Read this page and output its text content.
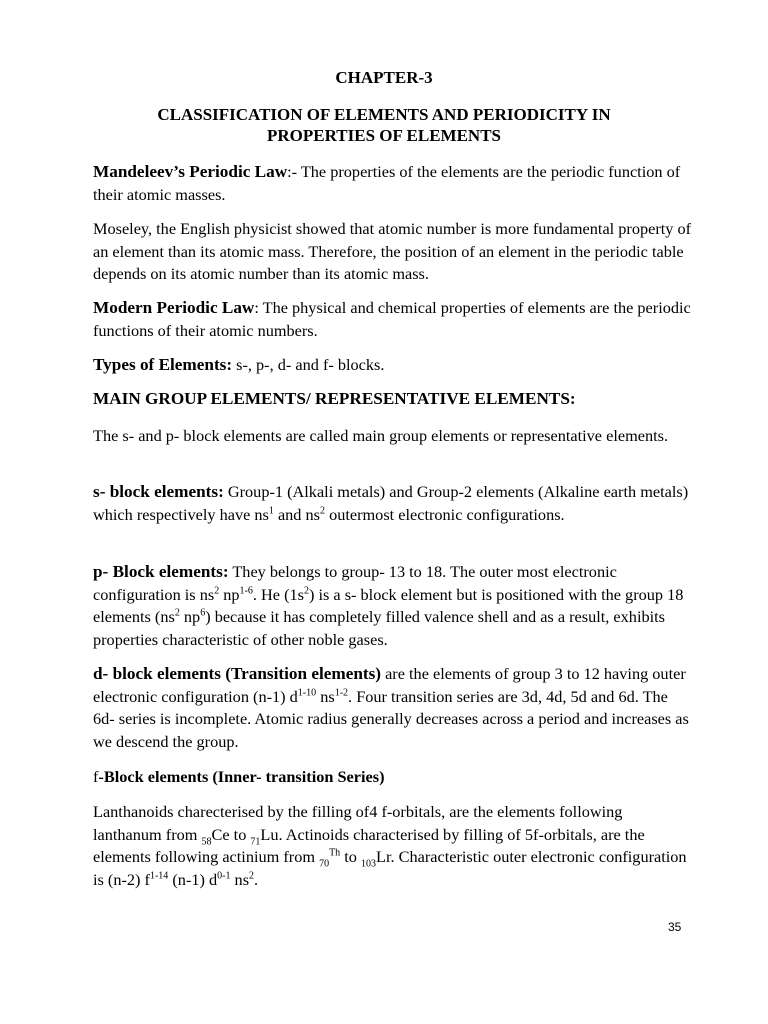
CHAPTER-3
CLASSIFICATION OF ELEMENTS AND PERIODICITY IN
PROPERTIES OF ELEMENTS

Mandeleev’s Periodic Law:- The properties of the elements are the periodic function of their atomic masses.

Moseley, the English physicist showed that atomic number is more fundamental property of an element than its atomic mass. Therefore, the position of an element in the periodic table depends on its atomic number than its atomic mass.

Modern Periodic Law: The physical and chemical properties of elements are the periodic functions of their atomic numbers.

Types of Elements: s-, p-, d- and f- blocks.

MAIN GROUP ELEMENTS/ REPRESENTATIVE ELEMENTS:

The s- and p- block elements are called main group elements or representative elements.

s- block elements: Group-1 (Alkali metals) and Group-2 elements (Alkaline earth metals) which respectively have $ns^1$ and $ns^2$ outermost electronic configurations.

p- Block elements: They belongs to group- 13 to 18. The outer most electronic configuration is $ns^2$ $np^{1-6}$. He $(1s^2)$ is a s- block element but is positioned with the group 18 elements ($ns^2$ $np^6$) because it has completely filled valence shell and as a result, exhibits properties characteristic of other noble gases.

d- block elements (Transition elements) are the elements of group 3 to 12 having outer electronic configuration (n-1) $d^{1-10}$ $ns^{1-2}$. Four transition series are 3d, 4d, 5d and 6d. The 6d- series is incomplete. Atomic radius generally decreases across a period and increases as we descend the group.

f-Block elements (Inner- transition Series)

Lanthanoids charecterised by the filling of4 f-orbitals, are the elements following lanthanum from $_{58}$Ce to $_{71}$Lu. Actinoids characterised by filling of 5f-orbitals, are the elements following actinium from $_{70}^{Th}$ to $_{103}$Lr. Characteristic outer electronic configuration is (n-2) $f^{1-14}$ (n-1) $d^{0-1}$ $ns^2$.

35
